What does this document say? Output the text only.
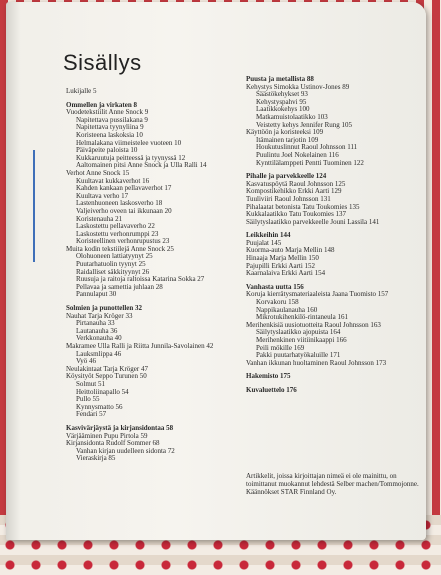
Sisällys
Lukijalle 5
Ommellen ja virkaten 8
Vuodetekstiilit Anne Snock 9
Napitettava pussilakana 9
Napitettava tyynyliina 9
Koristeena laskoksia 10
Helmalakana viimeistelee vuoteen 10
Päiväpeite paloista 10
Kukkaruutuja peitteessä ja tyynyssä 12
Aaltomainen pitsi Anne Snock ja Ulla Ralli 14
Verhot Anne Snock 15
Kuultavat kukkaverhot 16
Kahden kankaan pellavaverhot 17
Kuultava verho 17
Lastenhuoneen laskosverho 18
Valjeiverho oveen tai ikkunaan 20
Koristenauha 21
Laskostettu pellavaverho 22
Laskostettu verhonrumppi 23
Koristeellinen verhonrupustus 23
Muita kodin tekstiilejä Anne Snock 25
Olohuoneen lattiatyynyt 25
Puutarhatuolin tyynyt 25
Raidalliset säkkityynyt 26
Ruusuja ja raitoja raltoissa Katarina Sokka 27
Pellavaa ja samettia juhlaan 28
Pannulaput 30
Solmien ja punottellen 32
Nauhat Tarja Kröger 33
Pirtanauha 33
Lautanauha 36
Verkkonauha 40
Makramee Ulla Ralli ja Riitta Junnila-Savolainen 42
Lauksmlippa 46
Vyö 46
Neulakintaat Tarja Kröger 47
Köysityöt Seppo Turunen 50
Solmut 51
Heittoliinapallo 54
Pullo 55
Kynnysmatto 56
Fendari 57
Kasvivärjäystä ja kirjansidontaa 58
Värjääminen Pupu Pirtola 59
Kirjansidonta Rudolf Sommer 68
Vanhan kirjan uudelleen sidonta 72
Vieraskirja 85
Puusta ja metallista 88
Kehystys Simokka Ustinov-Jones 89
Säästökehykset 93
Kehystyspahvi 95
Laatikkokehys 100
Matkamuistolaatikko 103
Veistetty kehys Jennifer Rung 105
Käyttöön ja koristeeksi 109
Itämainen tarjotin 109
Houkutuslinnut Raoul Johnsson 111
Puulintu Joel Nokelainen 116
Kynttilälamppeti Pentti Tuominen 122
Pihalle ja parvekkeelle 124
Kasvatuspöytä Raoul Johnsson 125
Kompostikehikko Erkki Aarti 129
Tuuliviiri Raoul Johnsson 131
Pihalaatat betonista Tatu Toukomies 135
Kukkalaatikko Tatu Toukomies 137
Säilytyslaatikko parvekkeelle Jouni Lassila 141
Leikkeihin 144
Puujalat 145
Kuorma-auto Marja Mellin 148
Hinaaja Marja Mellin 150
Pajupilli Erkki Aarti 152
Kaarnalaiva Erkki Aarti 154
Vanhasta uutta 156
Koruja kierrätysmateriaaleista Jaana Tuomisto 157
Korvakoru 158
Nappikaulanauha 160
Mikrotukihenkilö-rintaneula 161
Merihenkisiä uusiotuotteita Raoul Johnsson 163
Säilytyslaatikko ajopuista 164
Merihenkinen viitiinikaappi 166
Peili mökille 169
Pakki puutarhatyökaluille 171
Vanhan ikkunan huoltaminen Raoul Johnsson 173
Hakemisto 175
Kuvaluettelo 176
Artikkelit, joissa kirjoittajan nimeä ei ole mainittu, on toimittanut muokannut lehdestä Selber machen/Tommojonne. Käännökset STAR Finnland Oy.
